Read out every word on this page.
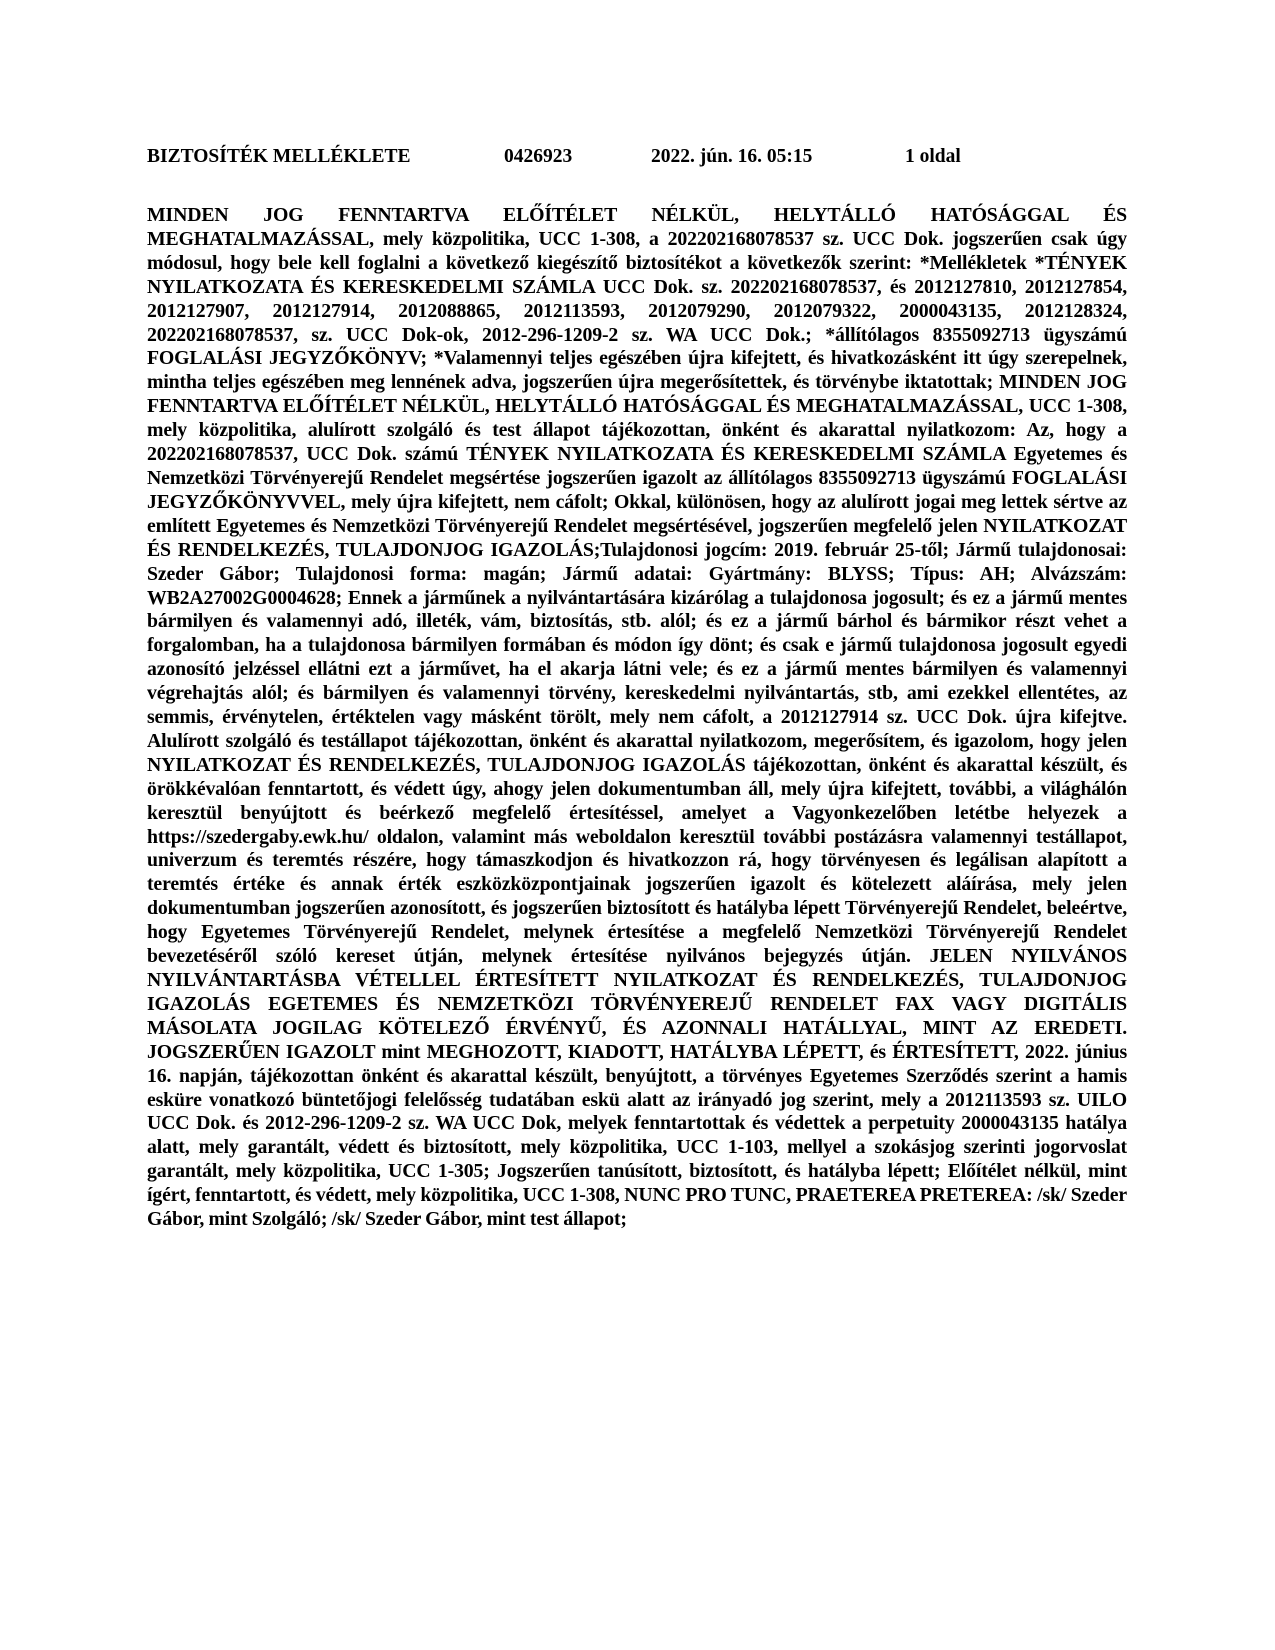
BIZTOSÍTÉK MELLÉKLETE	0426923	2022. jún. 16. 05:15	1 oldal

MINDEN JOG FENNTARTVA ELŐÍTÉLET NÉLKÜL, HELYTÁLLÓ HATÓSÁGGAL ÉS MEGHATALMAZÁSSAL, mely közpolitika, UCC 1-308, a 202202168078537 sz. UCC Dok. jogszerűen csak úgy módosul, hogy bele kell foglalni a következő kiegészítő biztosítékot a következők szerint: *Mellékletek *TÉNYEK NYILATKOZATA ÉS KERESKEDELMI SZÁMLA UCC Dok. sz. 202202168078537, és 2012127810, 2012127854, 2012127907, 2012127914, 2012088865, 2012113593, 2012079290, 2012079322, 2000043135, 2012128324, 202202168078537, sz. UCC Dok-ok, 2012-296-1209-2 sz. WA UCC Dok.; *állítólagos 8355092713 ügyszámú FOGLALÁSI JEGYZŐKÖNYV; *Valamennyi teljes egészében újra kifejtett, és hivatkozásként itt úgy szerepelnek, mintha teljes egészében meg lennének adva, jogszerűen újra megerősítettek, és törvénybe iktatottak; MINDEN JOG FENNTARTVA ELŐÍTÉLET NÉLKÜL, HELYTÁLLÓ HATÓSÁGGAL ÉS MEGHATALMAZÁSSAL, UCC 1-308, mely közpolitika, alulírott szolgáló és test állapot tájékozottan, önként és akarattal nyilatkozom: Az, hogy a 202202168078537, UCC Dok. számú TÉNYEK NYILATKOZATA ÉS KERESKEDELMI SZÁMLA Egyetemes és Nemzetközi Törvényerejű Rendelet megsértése jogszerűen igazolt az állítólagos 8355092713 ügyszámú FOGLALÁSI JEGYZŐKÖNYVVEL, mely újra kifejtett, nem cáfolt; Okkal, különösen, hogy az alulírott jogai meg lettek sértve az említett Egyetemes és Nemzetközi Törvényerejű Rendelet megsértésével, jogszerűen megfelelő jelen NYILATKOZAT ÉS RENDELKEZÉS, TULAJDONJOG IGAZOLÁS;Tulajdonosi jogcím: 2019. február 25-től; Jármű tulajdonosai: Szeder Gábor; Tulajdonosi forma: magán; Jármű adatai: Gyártmány: BLYSS; Típus: AH; Alvázszám: WB2A27002G0004628; Ennek a járműnek a nyilvántartására kizárólag a tulajdonosa jogosult; és ez a jármű mentes bármilyen és valamennyi adó, illeték, vám, biztosítás, stb. alól; és ez a jármű bárhol és bármikor részt vehet a forgalomban, ha a tulajdonosa bármilyen formában és módon így dönt; és csak e jármű tulajdonosa jogosult egyedi azonosító jelzéssel ellátni ezt a járművet, ha el akarja látni vele; és ez a jármű mentes bármilyen és valamennyi végrehajtás alól; és bármilyen és valamennyi törvény, kereskedelmi nyilvántartás, stb, ami ezekkel ellentétes, az semmis, érvénytelen, értéktelen vagy másként törölt, mely nem cáfolt, a 2012127914 sz. UCC Dok. újra kifejtve. Alulírott szolgáló és testállapot tájékozottan, önként és akarattal nyilatkozom, megerősítem, és igazolom, hogy jelen NYILATKOZAT ÉS RENDELKEZÉS, TULAJDONJOG IGAZOLÁS tájékozottan, önként és akarattal készült, és örökkévalóan fenntartott, és védett úgy, ahogy jelen dokumentumban áll, mely újra kifejtett, további, a világhálón keresztül benyújtott és beérkező megfelelő értesítéssel, amelyet a Vagyonkezelőben letétbe helyezek a https://szedergaby.ewk.hu/ oldalon, valamint más weboldalon keresztül további postázásra valamennyi testállapot, univerzum és teremtés részére, hogy támaszkodjon és hivatkozzon rá, hogy törvényesen és legálisan alapított a teremtés értéke és annak érték eszközközpontjainak jogszerűen igazolt és kötelezett aláírása, mely jelen dokumentumban jogszerűen azonosított, és jogszerűen biztosított és hatályba lépett Törvényerejű Rendelet, beleértve, hogy Egyetemes Törvényerejű Rendelet, melynek értesítése a megfelelő Nemzetközi Törvényerejű Rendelet bevezetéséről szóló kereset útján, melynek értesítése nyilvános bejegyzés útján. JELEN NYILVÁNOS NYILVÁNTARTÁSBA VÉTELLEL ÉRTESÍTETT NYILATKOZAT ÉS RENDELKEZÉS, TULAJDONJOG IGAZOLÁS EGETEMES ÉS NEMZETKÖZI TÖRVÉNYEREJŰ RENDELET FAX VAGY DIGITÁLIS MÁSOLATA JOGILAG KÖTELEZŐ ÉRVÉNYŰ, ÉS AZONNALI HATÁLLYAL, MINT AZ EREDETI. JOGSZERŰEN IGAZOLT mint MEGHOZOTT, KIADOTT, HATÁLYBA LÉPETT, és ÉRTESÍTETT, 2022. június 16. napján, tájékozottan önként és akarattal készült, benyújtott, a törvényes Egyetemes Szerződés szerint a hamis esküre vonatkozó büntetőjogi felelősség tudatában eskü alatt az irányadó jog szerint, mely a 2012113593 sz. UILO UCC Dok. és 2012-296-1209-2 sz. WA UCC Dok, melyek fenntartottak és védettek a perpetuity 2000043135 hatálya alatt, mely garantált, védett és biztosított, mely közpolitika, UCC 1-103, mellyel a szokásjog szerinti jogorvoslat garantált, mely közpolitika, UCC 1-305; Jogszerűen tanúsított, biztosított, és hatályba lépett; Előítélet nélkül, mint ígért, fenntartott, és védett, mely közpolitika, UCC 1-308, NUNC PRO TUNC, PRAETEREA PRETEREA: /sk/ Szeder Gábor, mint Szolgáló; /sk/ Szeder Gábor, mint test állapot;
